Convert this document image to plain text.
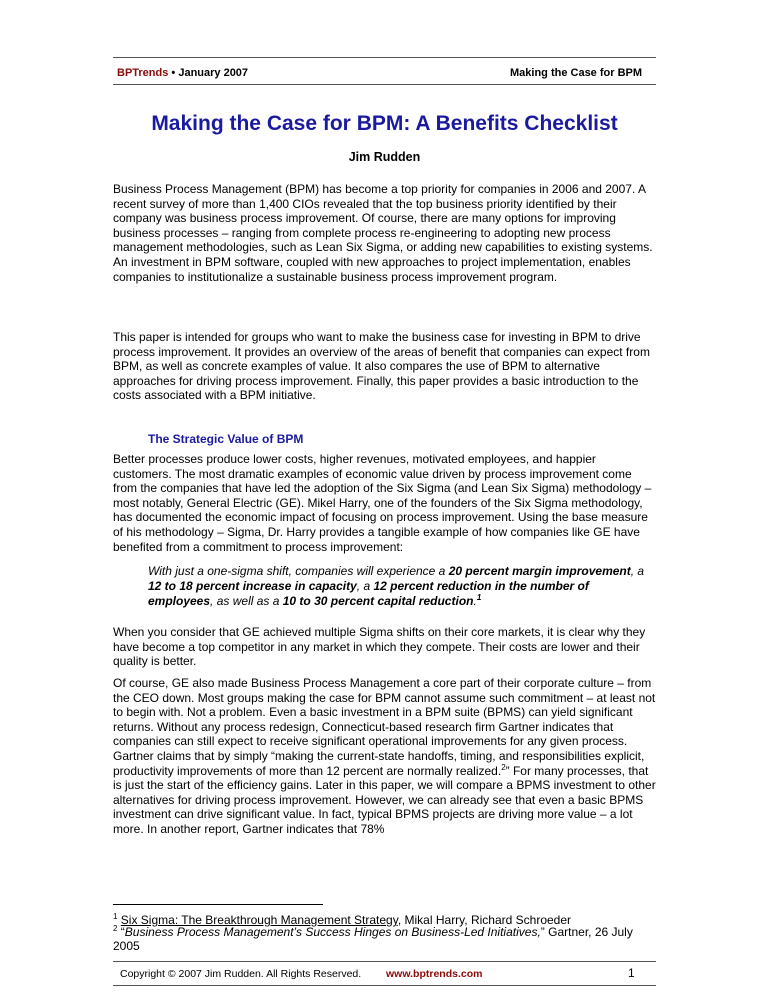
BPTrends • January 2007	Making the Case for BPM
Making the Case for BPM: A Benefits Checklist
Jim Rudden

Business Process Management (BPM) has become a top priority for companies in 2006 and 2007. A recent survey of more than 1,400 CIOs revealed that the top business priority identified by their company was business process improvement. Of course, there are many options for improving business processes – ranging from complete process re-engineering to adopting new process management methodologies, such as Lean Six Sigma, or adding new capabilities to existing systems. An investment in BPM software, coupled with new approaches to project implementation, enables companies to institutionalize a sustainable business process improvement program.

This paper is intended for groups who want to make the business case for investing in BPM to drive process improvement. It provides an overview of the areas of benefit that companies can expect from BPM, as well as concrete examples of value. It also compares the use of BPM to alternative approaches for driving process improvement. Finally, this paper provides a basic introduction to the costs associated with a BPM initiative.

The Strategic Value of BPM

Better processes produce lower costs, higher revenues, motivated employees, and happier customers. The most dramatic examples of economic value driven by process improvement come from the companies that have led the adoption of the Six Sigma (and Lean Six Sigma) methodology – most notably, General Electric (GE). Mikel Harry, one of the founders of the Six Sigma methodology, has documented the economic impact of focusing on process improvement. Using the base measure of his methodology – Sigma, Dr. Harry provides a tangible example of how companies like GE have benefited from a commitment to process improvement:

With just a one-sigma shift, companies will experience a 20 percent margin improvement, a 12 to 18 percent increase in capacity, a 12 percent reduction in the number of employees, as well as a 10 to 30 percent capital reduction.$^1$

When you consider that GE achieved multiple Sigma shifts on their core markets, it is clear why they have become a top competitor in any market in which they compete. Their costs are lower and their quality is better.

Of course, GE also made Business Process Management a core part of their corporate culture – from the CEO down. Most groups making the case for BPM cannot assume such commitment – at least not to begin with. Not a problem. Even a basic investment in a BPM suite (BPMS) can yield significant returns. Without any process redesign, Connecticut-based research firm Gartner indicates that companies can still expect to receive significant operational improvements for any given process. Gartner claims that by simply “making the current-state handoffs, timing, and responsibilities explicit, productivity improvements of more than 12 percent are normally realized.$^2$” For many processes, that is just the start of the efficiency gains. Later in this paper, we will compare a BPMS investment to other alternatives for driving process improvement. However, we can already see that even a basic BPMS investment can drive significant value. In fact, typical BPMS projects are driving more value – a lot more. In another report, Gartner indicates that 78%

$^1$ Six Sigma: The Breakthrough Management Strategy, Mikal Harry, Richard Schroeder

$^2$ “Business Process Management’s Success Hinges on Business-Led Initiatives,” Gartner, 26 July 2005

Copyright © 2007 Jim Rudden. All Rights Reserved. www.bptrends.com	1
